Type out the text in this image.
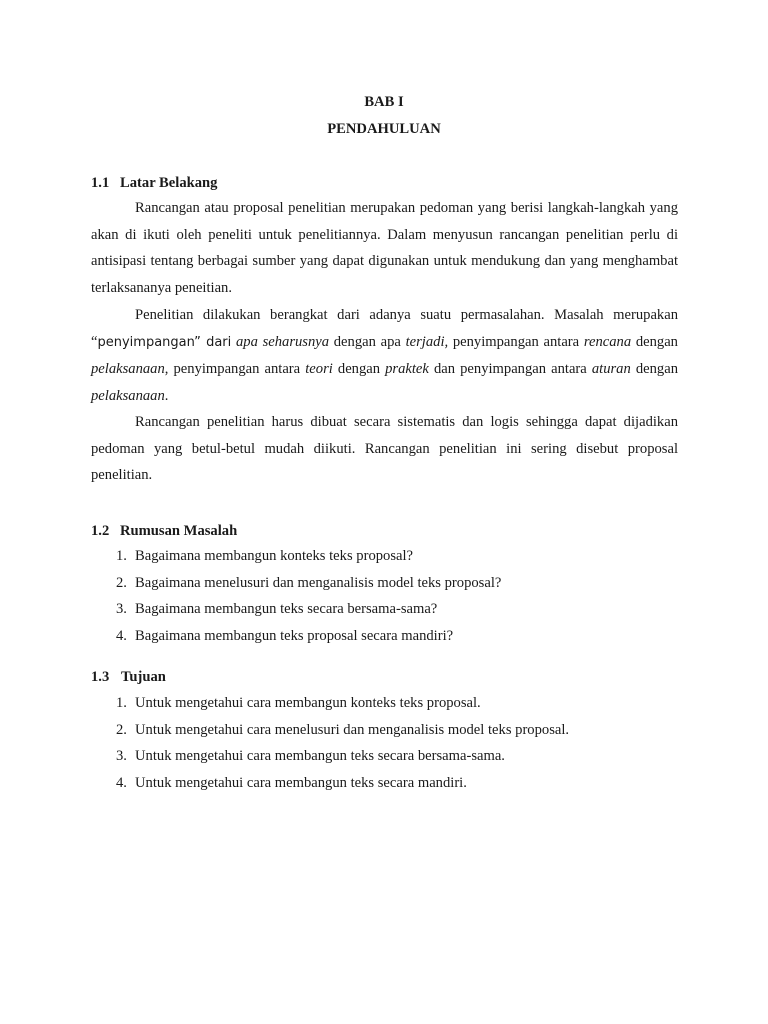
BAB I

PENDAHULUAN

1.1 Latar Belakang

Rancangan atau proposal penelitian merupakan pedoman yang berisi langkah-langkah yang akan di ikuti oleh peneliti untuk penelitiannya. Dalam menyusun rancangan penelitian perlu di antisipasi tentang berbagai sumber yang dapat digunakan untuk mendukung dan yang menghambat terlaksananya peneitian.

Penelitian dilakukan berangkat dari adanya suatu permasalahan. Masalah merupakan “penyimpangan” dari apa seharusnya dengan apa terjadi, penyimpangan antara rencana dengan pelaksanaan, penyimpangan antara teori dengan praktek dan penyimpangan antara aturan dengan pelaksanaan.

Rancangan penelitian harus dibuat secara sistematis dan logis sehingga dapat dijadikan pedoman yang betul-betul mudah diikuti. Rancangan penelitian ini sering disebut proposal penelitian.

1.2 Rumusan Masalah

1. Bagaimana membangun konteks teks proposal?
2. Bagaimana menelusuri dan menganalisis model teks proposal?
3. Bagaimana membangun teks secara bersama-sama?
4. Bagaimana membangun teks proposal secara mandiri?

1.3 Tujuan

1. Untuk mengetahui cara membangun konteks teks proposal.
2. Untuk mengetahui cara menelusuri dan menganalisis model teks proposal.
3. Untuk mengetahui cara membangun teks secara bersama-sama.
4. Untuk mengetahui cara membangun teks secara mandiri.
